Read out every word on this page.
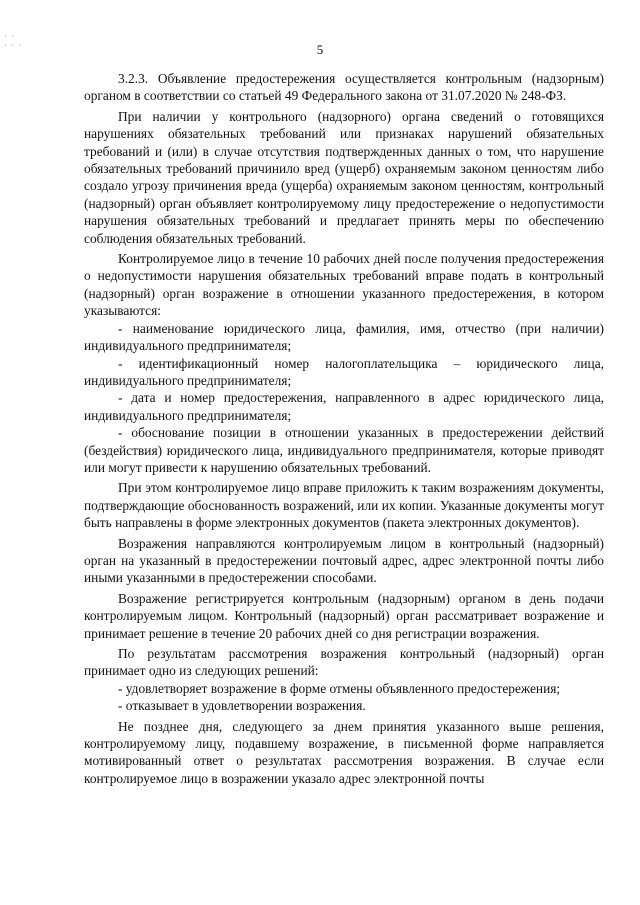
· ·
· · ·	5

3.2.3. Объявление предостережения осуществляется контрольным (надзорным) органом в соответствии со статьей 49 Федерального закона от 31.07.2020 № 248-ФЗ.

При наличии у контрольного (надзорного) органа сведений о готовящихся нарушениях обязательных требований или признаках нарушений обязательных требований и (или) в случае отсутствия подтвержденных данных о том, что нарушение обязательных требований причинило вред (ущерб) охраняемым законом ценностям либо создало угрозу причинения вреда (ущерба) охраняемым законом ценностям, контрольный (надзорный) орган объявляет контролируемому лицу предостережение о недопустимости нарушения обязательных требований и предлагает принять меры по обеспечению соблюдения обязательных требований.

Контролируемое лицо в течение 10 рабочих дней после получения предостережения о недопустимости нарушения обязательных требований вправе подать в контрольный (надзорный) орган возражение в отношении указанного предостережения, в котором указываются:

- наименование юридического лица, фамилия, имя, отчество (при наличии) индивидуального предпринимателя;

- идентификационный номер налогоплательщика – юридического лица, индивидуального предпринимателя;

- дата и номер предостережения, направленного в адрес юридического лица, индивидуального предпринимателя;

- обоснование позиции в отношении указанных в предостережении действий (бездействия) юридического лица, индивидуального предпринимателя, которые приводят или могут привести к нарушению обязательных требований.

При этом контролируемое лицо вправе приложить к таким возражениям документы, подтверждающие обоснованность возражений, или их копии. Указанные документы могут быть направлены в форме электронных документов (пакета электронных документов).

Возражения направляются контролируемым лицом в контрольный (надзорный) орган на указанный в предостережении почтовый адрес, адрес электронной почты либо иными указанными в предостережении способами.

Возражение регистрируется контрольным (надзорным) органом в день подачи контролируемым лицом. Контрольный (надзорный) орган рассматривает возражение и принимает решение в течение 20 рабочих дней со дня регистрации возражения.

По результатам рассмотрения возражения контрольный (надзорный) орган принимает одно из следующих решений:

- удовлетворяет возражение в форме отмены объявленного предостережения;

- отказывает в удовлетворении возражения.

Не позднее дня, следующего за днем принятия указанного выше решения, контролируемому лицу, подавшему возражение, в письменной форме направляется мотивированный ответ о результатах рассмотрения возражения. В случае если контролируемое лицо в возражении указало адрес электронной почты
